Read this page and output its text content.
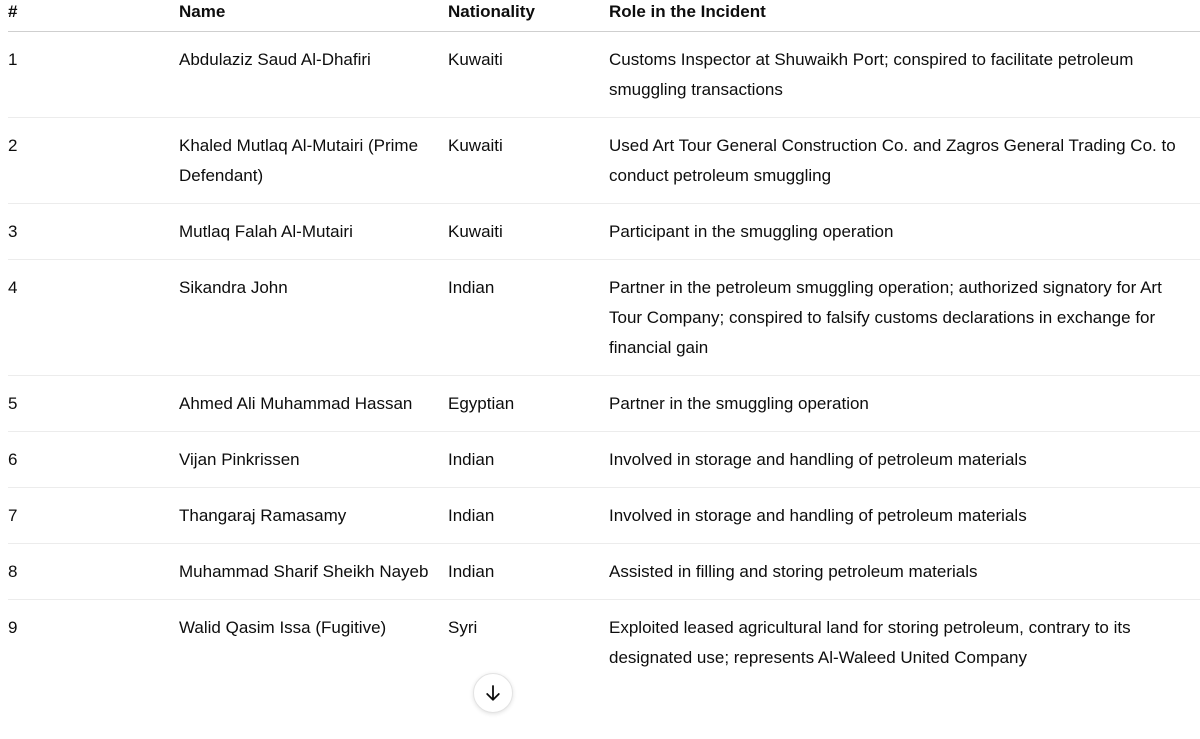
#	Name	Nationality	Role in the Incident
1	Abdulaziz Saud Al-Dhafiri	Kuwaiti	Customs Inspector at Shuwaikh Port; conspired to facilitate petroleum smuggling transactions
2	Khaled Mutlaq Al-Mutairi (Prime Defendant)	Kuwaiti	Used Art Tour General Construction Co. and Zagros General Trading Co. to conduct petroleum smuggling
3	Mutlaq Falah Al-Mutairi	Kuwaiti	Participant in the smuggling operation
4	Sikandra John	Indian	Partner in the petroleum smuggling operation; authorized signatory for Art Tour Company; conspired to falsify customs declarations in exchange for financial gain
5	Ahmed Ali Muhammad Hassan	Egyptian	Partner in the smuggling operation
6	Vijan Pinkrissen	Indian	Involved in storage and handling of petroleum materials
7	Thangaraj Ramasamy	Indian	Involved in storage and handling of petroleum materials
8	Muhammad Sharif Sheikh Nayeb	Indian	Assisted in filling and storing petroleum materials
9	Walid Qasim Issa (Fugitive)	Syri	Exploited leased agricultural land for storing petroleum, contrary to its designated use; represents Al-Waleed United Company
